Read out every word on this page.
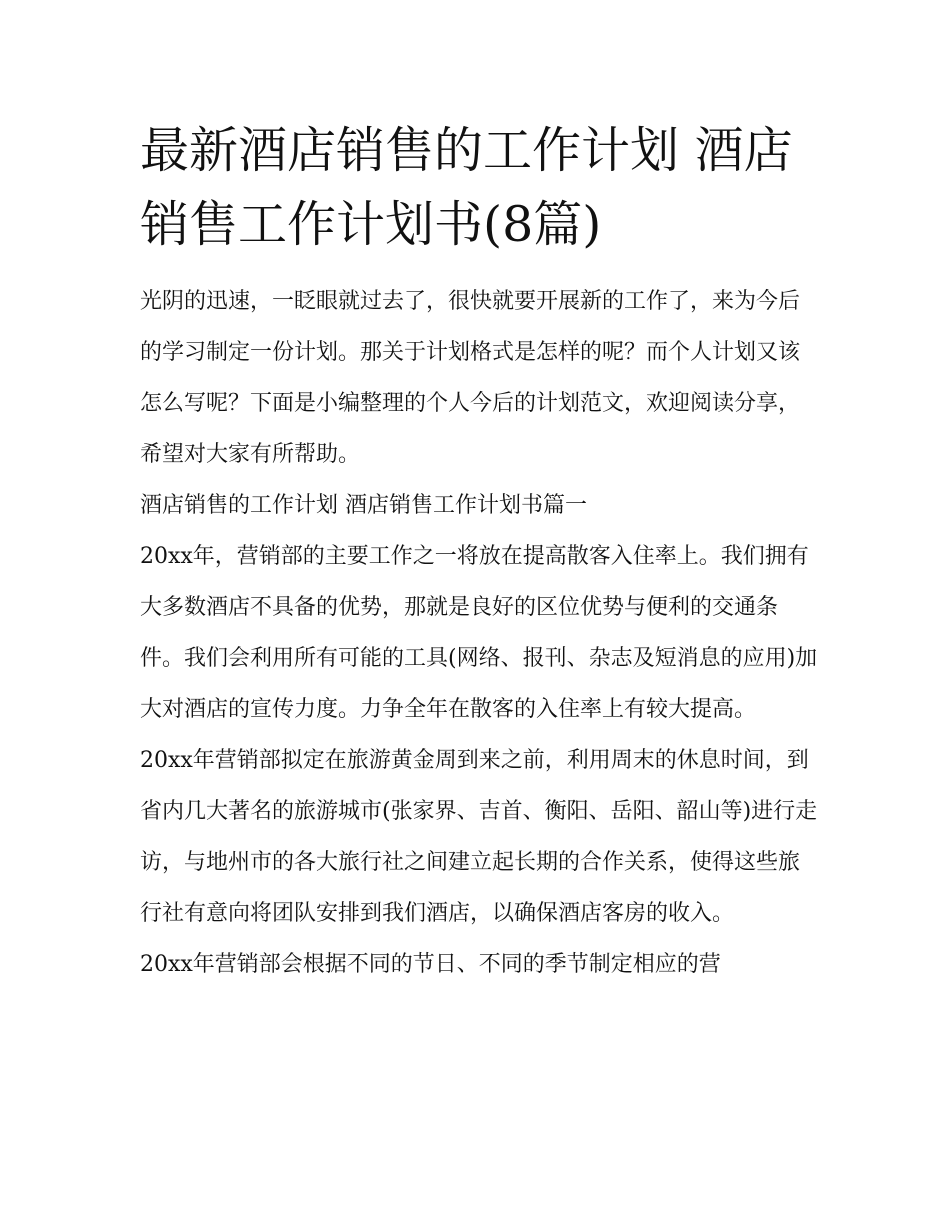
最新酒店销售的工作计划 酒店销售工作计划书(8篇)

光阴的迅速，一眨眼就过去了，很快就要开展新的工作了，来为今后的学习制定一份计划。那关于计划格式是怎样的呢？而个人计划又该怎么写呢？下面是小编整理的个人今后的计划范文，欢迎阅读分享，希望对大家有所帮助。

酒店销售的工作计划 酒店销售工作计划书篇一

20xx年，营销部的主要工作之一将放在提高散客入住率上。我们拥有大多数酒店不具备的优势，那就是良好的区位优势与便利的交通条件。我们会利用所有可能的工具(网络、报刊、杂志及短消息的应用)加大对酒店的宣传力度。力争全年在散客的入住率上有较大提高。

20xx年营销部拟定在旅游黄金周到来之前，利用周末的休息时间，到省内几大著名的旅游城市(张家界、吉首、衡阳、岳阳、韶山等)进行走访，与地州市的各大旅行社之间建立起长期的合作关系，使得这些旅行社有意向将团队安排到我们酒店，以确保酒店客房的收入。

20xx年营销部会根据不同的节日、不同的季节制定相应的营
